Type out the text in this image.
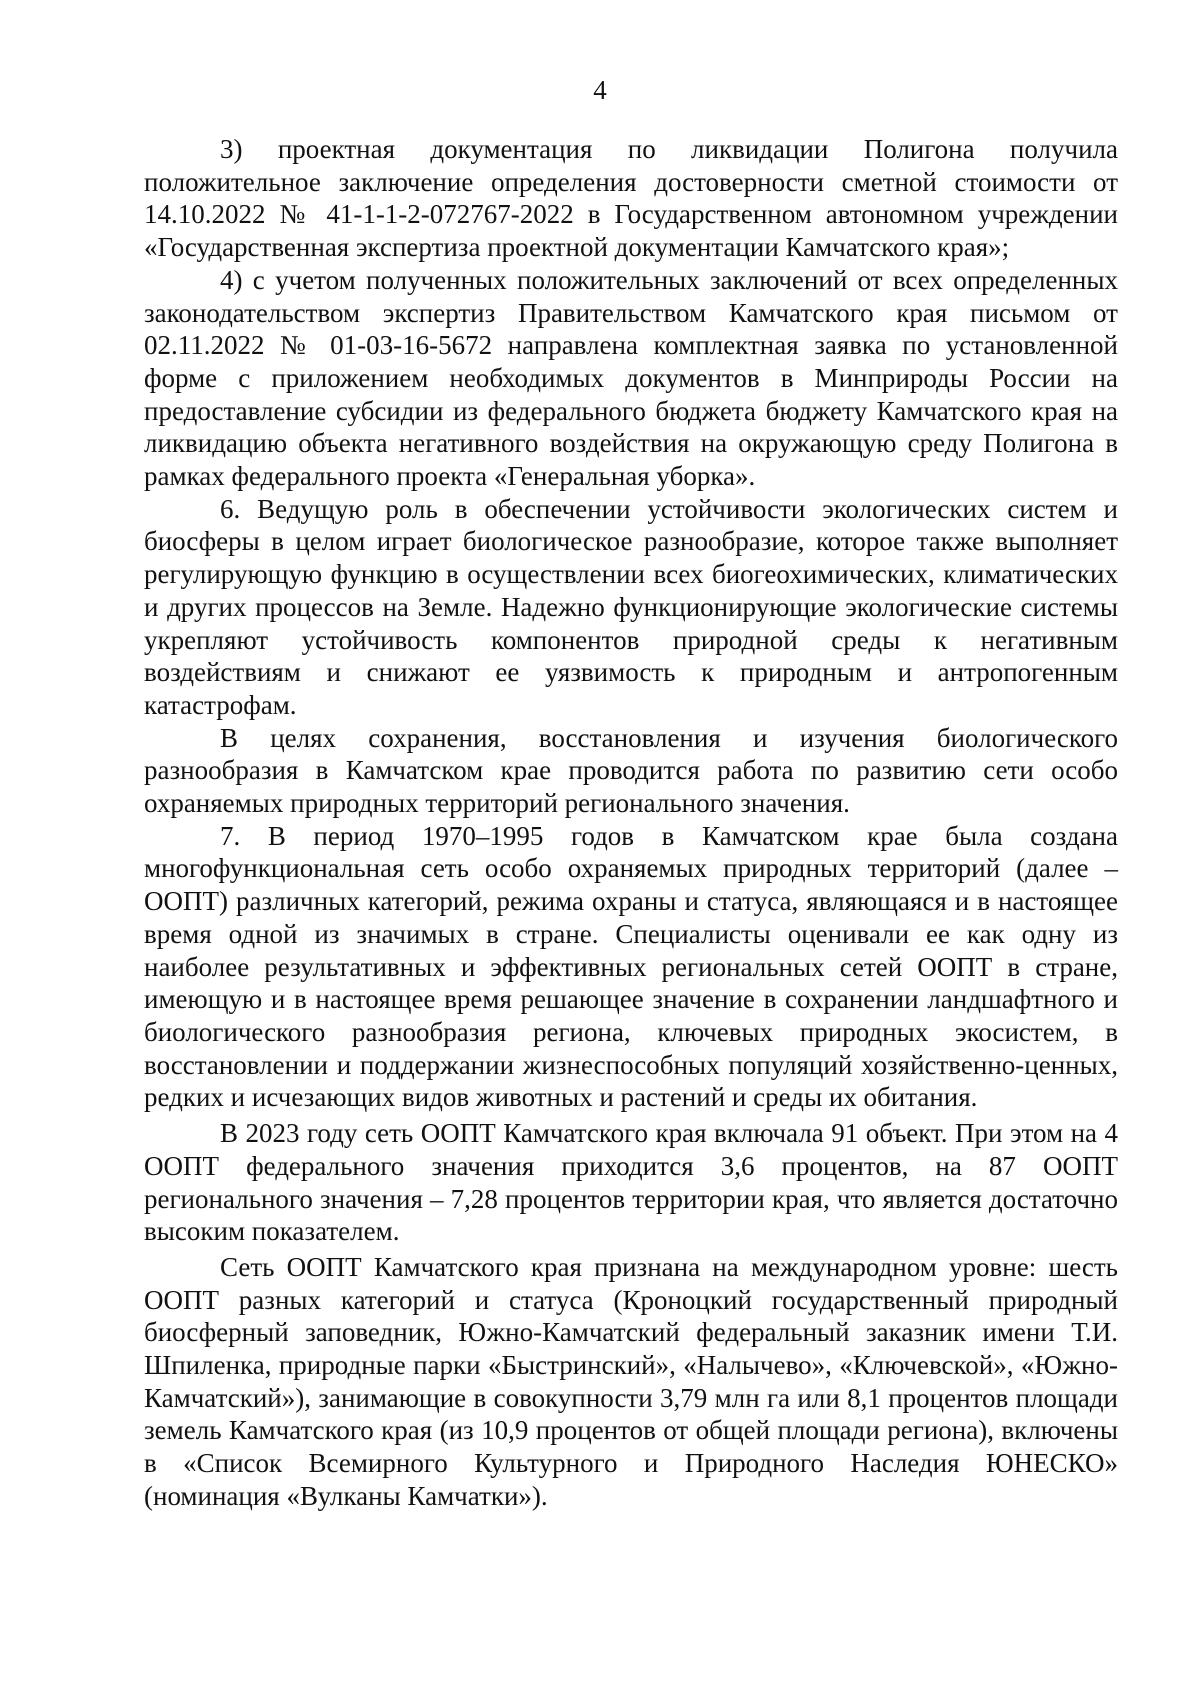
4

3) проектная документация по ликвидации Полигона получила положительное заключение определения достоверности сметной стоимости от 14.10.2022 № 41-1-1-2-072767-2022 в Государственном автономном учреждении «Государственная экспертиза проектной документации Камчатского края»;

4) с учетом полученных положительных заключений от всех определенных законодательством экспертиз Правительством Камчатского края письмом от 02.11.2022 № 01-03-16-5672 направлена комплектная заявка по установленной форме с приложением необходимых документов в Минприроды России на предоставление субсидии из федерального бюджета бюджету Камчатского края на ликвидацию объекта негативного воздействия на окружающую среду Полигона в рамках федерального проекта «Генеральная уборка».

6. Ведущую роль в обеспечении устойчивости экологических систем и биосферы в целом играет биологическое разнообразие, которое также выполняет регулирующую функцию в осуществлении всех биогеохимических, климатических и других процессов на Земле. Надежно функционирующие экологические системы укрепляют устойчивость компонентов природной среды к негативным воздействиям и снижают ее уязвимость к природным и антропогенным катастрофам.

В целях сохранения, восстановления и изучения биологического разнообразия в Камчатском крае проводится работа по развитию сети особо охраняемых природных территорий регионального значения.

7. В период 1970–1995 годов в Камчатском крае была создана многофункциональная сеть особо охраняемых природных территорий (далее – ООПТ) различных категорий, режима охраны и статуса, являющаяся и в настоящее время одной из значимых в стране. Специалисты оценивали ее как одну из наиболее результативных и эффективных региональных сетей ООПТ в стране, имеющую и в настоящее время решающее значение в сохранении ландшафтного и биологического разнообразия региона, ключевых природных экосистем, в восстановлении и поддержании жизнеспособных популяций хозяйственно-ценных, редких и исчезающих видов животных и растений и среды их обитания.

В 2023 году сеть ООПТ Камчатского края включала 91 объект. При этом на 4 ООПТ федерального значения приходится 3,6 процентов, на 87 ООПТ регионального значения – 7,28 процентов территории края, что является достаточно высоким показателем.

Сеть ООПТ Камчатского края признана на международном уровне: шесть ООПТ разных категорий и статуса (Кроноцкий государственный природный биосферный заповедник, Южно-Камчатский федеральный заказник имени Т.И. Шпиленка, природные парки «Быстринский», «Налычево», «Ключевской», «Южно-Камчатский»), занимающие в совокупности 3,79 млн га или 8,1 процентов площади земель Камчатского края (из 10,9 процентов от общей площади региона), включены в «Список Всемирного Культурного и Природного Наследия ЮНЕСКО» (номинация «Вулканы Камчатки»).
